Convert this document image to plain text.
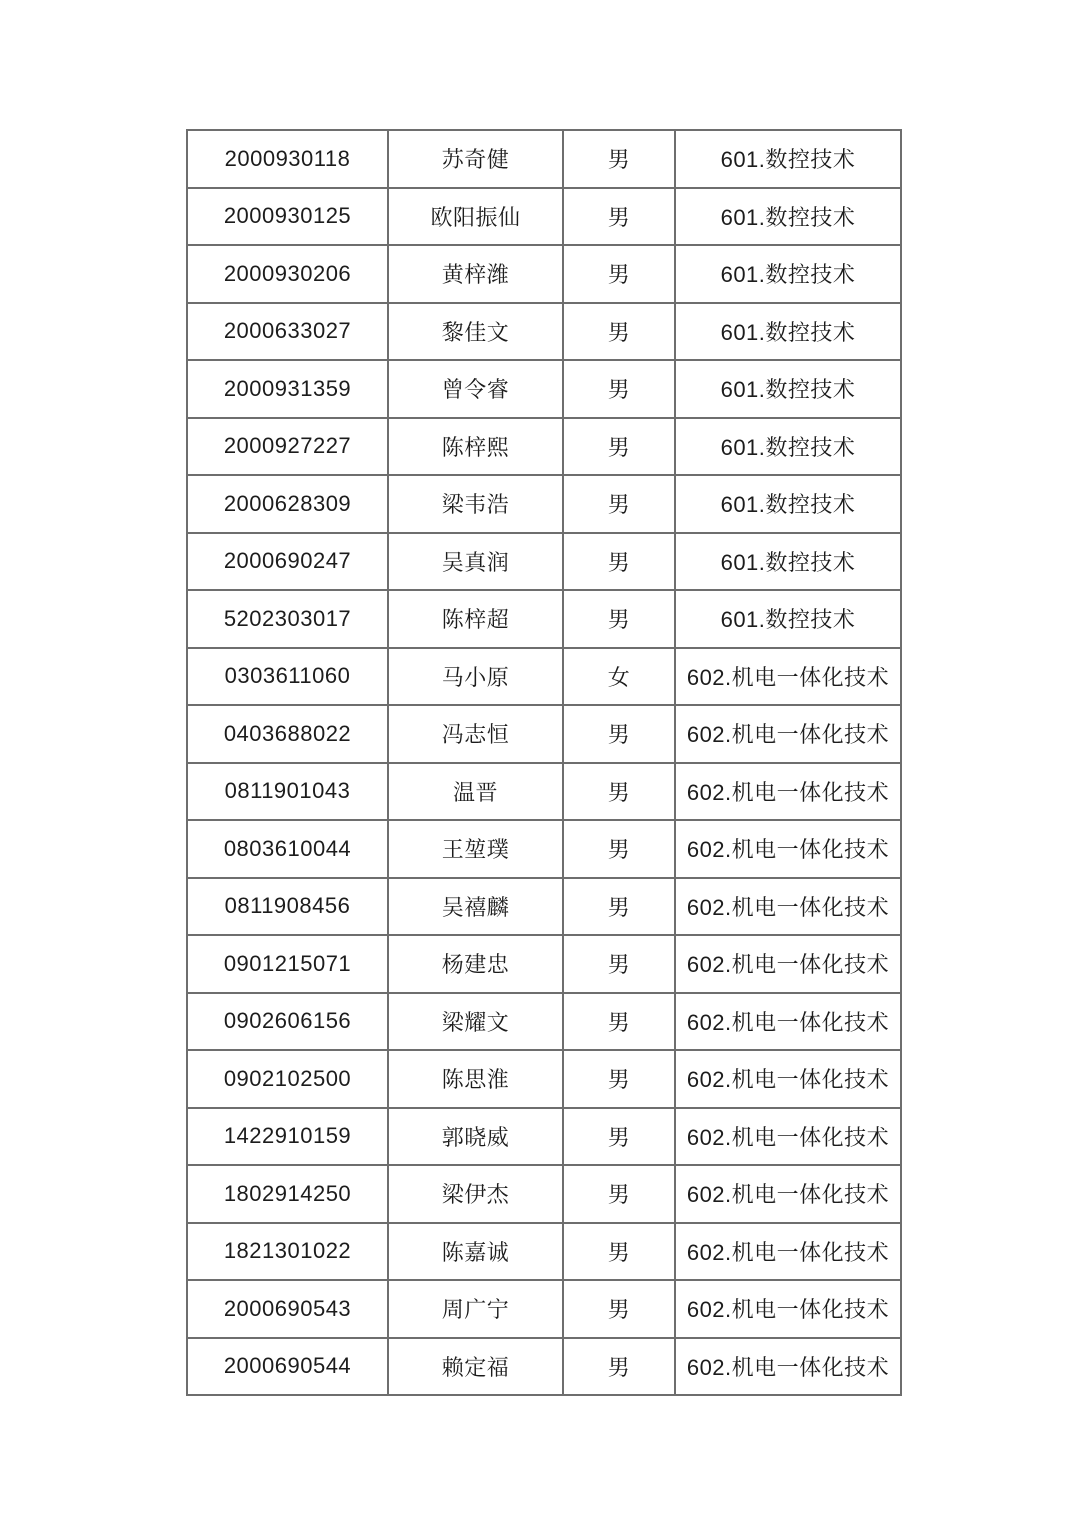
2000930118	苏奇健	男	601.数控技术
2000930125	欧阳振仙	男	601.数控技术
2000930206	黄梓潍	男	601.数控技术
2000633027	黎佳文	男	601.数控技术
2000931359	曾令睿	男	601.数控技术
2000927227	陈梓熙	男	601.数控技术
2000628309	梁韦浩	男	601.数控技术
2000690247	吴真润	男	601.数控技术
5202303017	陈梓超	男	601.数控技术
0303611060	马小原	女	602.机电一体化技术
0403688022	冯志恒	男	602.机电一体化技术
0811901043	温晋	男	602.机电一体化技术
0803610044	王堃璞	男	602.机电一体化技术
0811908456	吴禧麟	男	602.机电一体化技术
0901215071	杨建忠	男	602.机电一体化技术
0902606156	梁耀文	男	602.机电一体化技术
0902102500	陈思淮	男	602.机电一体化技术
1422910159	郭晓威	男	602.机电一体化技术
1802914250	梁伊杰	男	602.机电一体化技术
1821301022	陈嘉诚	男	602.机电一体化技术
2000690543	周广宁	男	602.机电一体化技术
2000690544	赖定福	男	602.机电一体化技术
